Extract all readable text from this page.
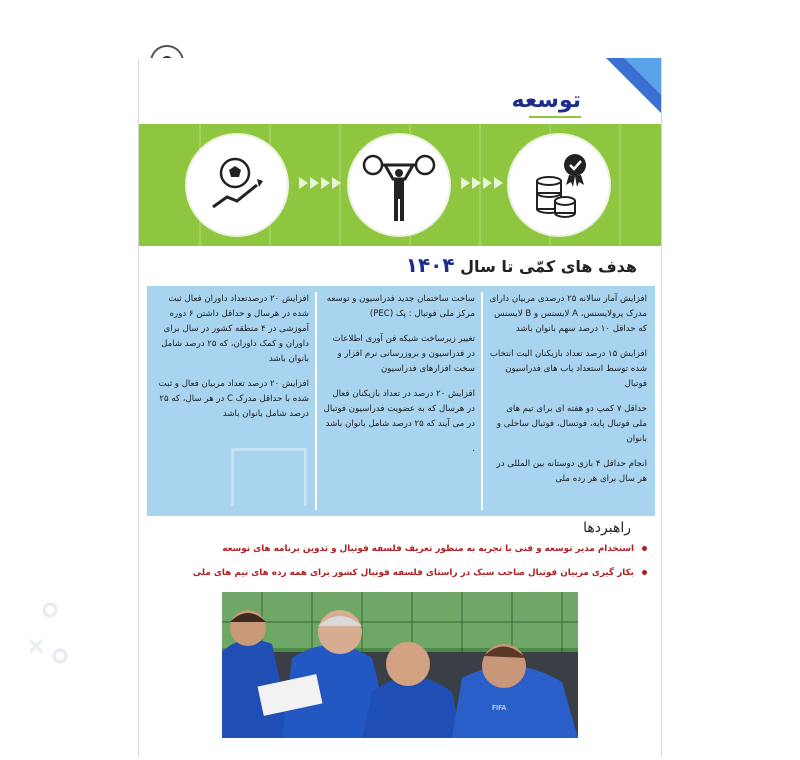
توسعه
هدف های کمّی تا سال ۱۴۰۴

افزایش آمار سالانه ۲۵ درصدی مربیان دارای مدرک پرولایسنس، A لایسنس و B لایسنس که حداقل ۱۰ درصد سهم بانوان باشد

افزایش ۱۵ درصد تعداد بازیکنان الیت انتخاب شده توسط استعداد یاب های فدراسیون فوتبال

حداقل ۷ کمپ دو هفته ای برای تیم های ملی فوتبال پایه، فوتسال، فوتبال ساحلی و بانوان

انجام حداقل ۴ بازی دوستانه بین المللی در هر سال برای هر رده ملی

ساخت ساختمان جدید فدراسیون و توسعه مرکز ملی فوتبال : پک (PEC)

تغییر زیرساخت شبکه فن آوری اطلاعات در فدراسیون و بروزرسانی نرم افزار و سخت افزارهای فدراسیون

افزایش ۲۰ درصد در تعداد بازیکنان فعال در هرسال که به عضویت فدراسیون فوتبال در می آیند که ۲۵ درصد شامل بانوان باشد

.

افزایش ۲۰ درصدتعداد داوران فعال ثبت شده در هرسال و حداقل داشتن ۶ دوره آموزشی در ۴ منطقه کشور در سال برای داوران و کمک داوران، که ۲۵ درصد شامل بانوان باشد

افزایش ۲۰ درصد تعداد مربیان فعال و ثبت شده با حداقل مدرک C در هر سال، که ۲۵ درصد شامل بانوان باشد

راهبردها
استخدام مدیر توسعه و فنی با تجربه به منظور تعریف فلسفه فوتبال و تدوین برنامه های توسعه
بکار گیری مربیان فوتبال صاحب سبک در راستای فلسفه فوتبال کشور برای همه رده های تیم های ملی
FIFA
